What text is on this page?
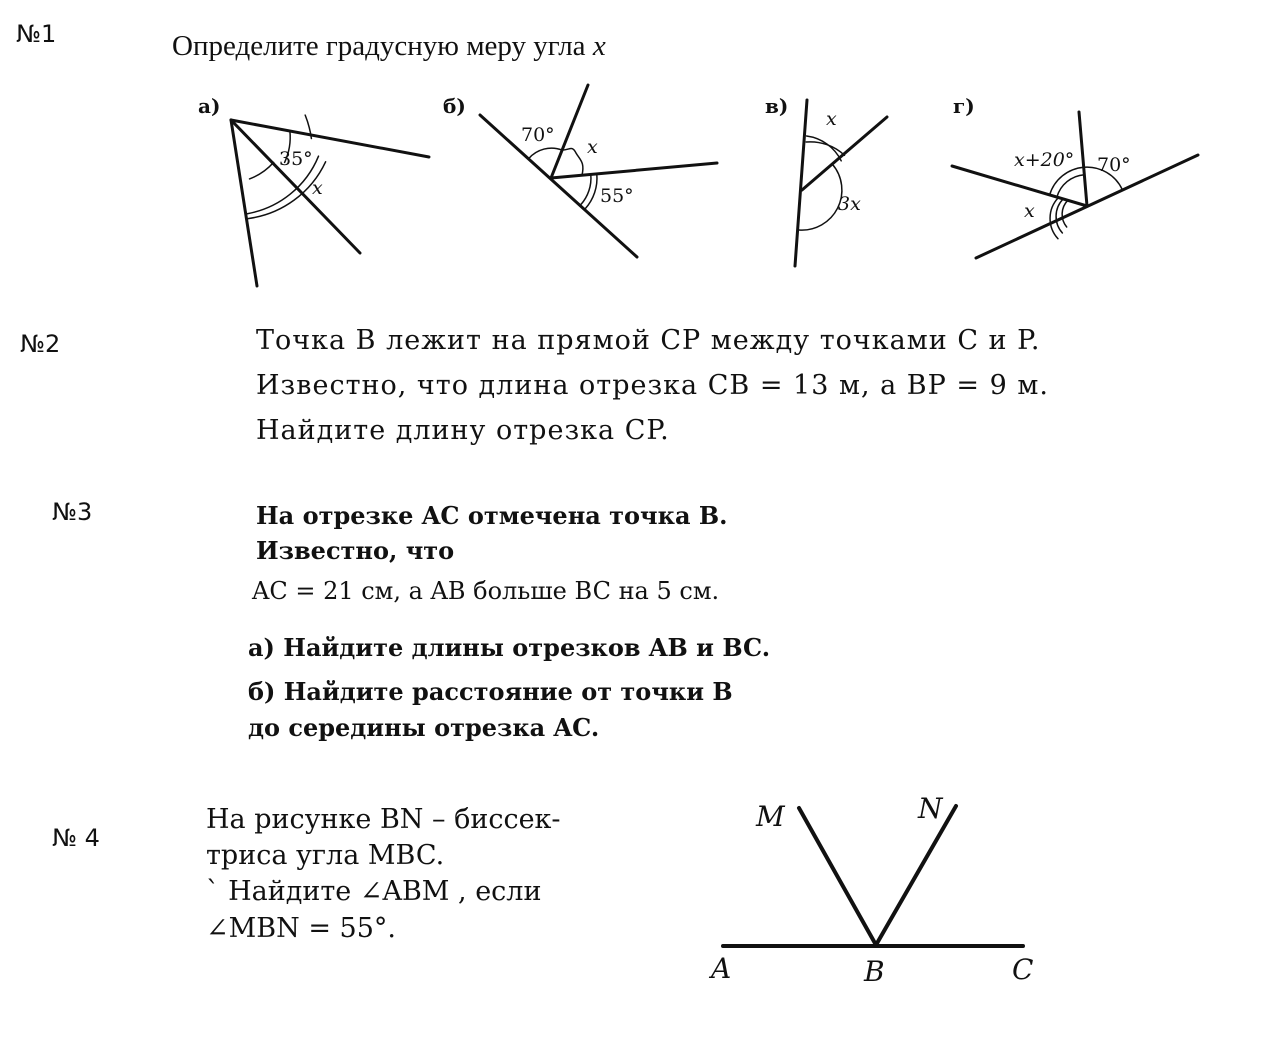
№1	Определите градусную меру угла x
а)
35°
x
б)
70°
x
55°
в)
x
3x
г)
x+20° 70°
x
№2	Точка B лежит на прямой CP между точками C и P.
Известно, что длина отрезка CB = 13 м, а BP = 9 м.
Найдите длину отрезка CP.
№3	На отрезке AC отмечена точка B.
Известно, что
AC = 21 см, а AB больше BC на 5 см.
а) Найдите длины отрезков AB и BC.
б) Найдите расстояние от точки B
до середины отрезка AC.
№ 4
На рисунке BN – биссек-
триса угла MBC.
` Найдите ∠ABM , если
∠MBN = 55°.
M	N
A	B	C
